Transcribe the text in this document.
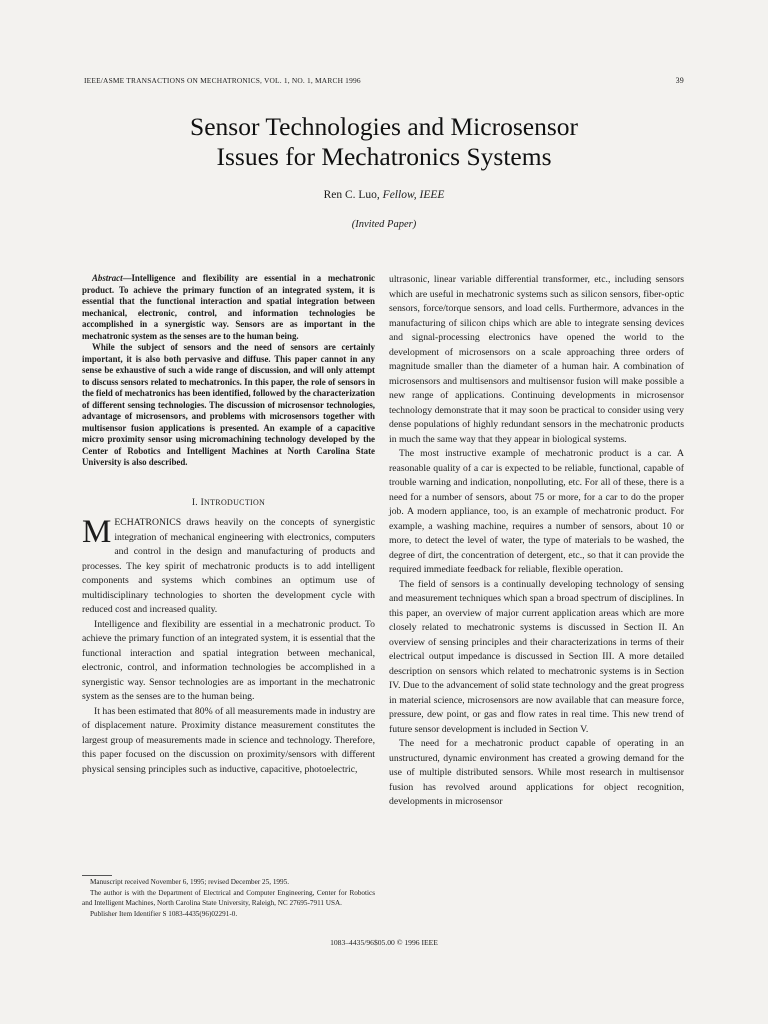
IEEE/ASME TRANSACTIONS ON MECHATRONICS, VOL. 1, NO. 1, MARCH 1996	39
Sensor Technologies and Microsensor
Issues for Mechatronics Systems
Ren C. Luo, Fellow, IEEE
(Invited Paper)

Abstract—Intelligence and flexibility are essential in a mechatronic product. To achieve the primary function of an integrated system, it is essential that the functional interaction and spatial integration between mechanical, electronic, control, and information technologies be accomplished in a synergistic way. Sensors are as important in the mechatronic system as the senses are to the human being.

While the subject of sensors and the need of sensors are certainly important, it is also both pervasive and diffuse. This paper cannot in any sense be exhaustive of such a wide range of discussion, and will only attempt to discuss sensors related to mechatronics. In this paper, the role of sensors in the field of mechatronics has been identified, followed by the characterization of different sensing technologies. The discussion of microsensor technologies, advantage of microsensors, and problems with microsensors together with multisensor fusion applications is presented. An example of a capacitive micro proximity sensor using micromachining technology developed by the Center of Robotics and Intelligent Machines at North Carolina State University is also described.

I. INTRODUCTION

MECHATRONICS draws heavily on the concepts of synergistic integration of mechanical engineering with electronics, computers and control in the design and manufacturing of products and processes. The key spirit of mechatronic products is to add intelligent components and systems which combines an optimum use of multidisciplinary technologies to shorten the development cycle with reduced cost and increased quality.

Intelligence and flexibility are essential in a mechatronic product. To achieve the primary function of an integrated system, it is essential that the functional interaction and spatial integration between mechanical, electronic, control, and information technologies be accomplished in a synergistic way. Sensor technologies are as important in the mechatronic system as the senses are to the human being.

It has been estimated that 80% of all measurements made in industry are of displacement nature. Proximity distance measurement constitutes the largest group of measurements made in science and technology. Therefore, this paper focused on the discussion on proximity/sensors with different physical sensing principles such as inductive, capacitive, photoelectric,

ultrasonic, linear variable differential transformer, etc., including sensors which are useful in mechatronic systems such as silicon sensors, fiber-optic sensors, force/torque sensors, and load cells. Furthermore, advances in the manufacturing of silicon chips which are able to integrate sensing devices and signal-processing electronics have opened the world to the development of microsensors on a scale approaching three orders of magnitude smaller than the diameter of a human hair. A combination of microsensors and multisensors and multisensor fusion will make possible a new range of applications. Continuing developments in microsensor technology demonstrate that it may soon be practical to consider using very dense populations of highly redundant sensors in the mechatronic products in much the same way that they appear in biological systems.

The most instructive example of mechatronic product is a car. A reasonable quality of a car is expected to be reliable, functional, capable of trouble warning and indication, nonpolluting, etc. For all of these, there is a need for a number of sensors, about 75 or more, for a car to do the proper job. A modern appliance, too, is an example of mechatronic product. For example, a washing machine, requires a number of sensors, about 10 or more, to detect the level of water, the type of materials to be washed, the degree of dirt, the concentration of detergent, etc., so that it can provide the required immediate feedback for reliable, flexible operation.

The field of sensors is a continually developing technology of sensing and measurement techniques which span a broad spectrum of disciplines. In this paper, an overview of major current application areas which are more closely related to mechatronic systems is discussed in Section II. An overview of sensing principles and their characterizations in terms of their electrical output impedance is discussed in Section III. A more detailed description on sensors which related to mechatronic systems is in Section IV. Due to the advancement of solid state technology and the great progress in material science, microsensors are now available that can measure force, pressure, dew point, or gas and flow rates in real time. This new trend of future sensor development is included in Section V.

The need for a mechatronic product capable of operating in an unstructured, dynamic environment has created a growing demand for the use of multiple distributed sensors. While most research in multisensor fusion has revolved around applications for object recognition, developments in microsensor

Manuscript received November 6, 1995; revised December 25, 1995.

The author is with the Department of Electrical and Computer Engineering, Center for Robotics and Intelligent Machines, North Carolina State University, Raleigh, NC 27695-7911 USA.

Publisher Item Identifier S 1083-4435(96)02291-0.

1083–4435/96$05.00 © 1996 IEEE
